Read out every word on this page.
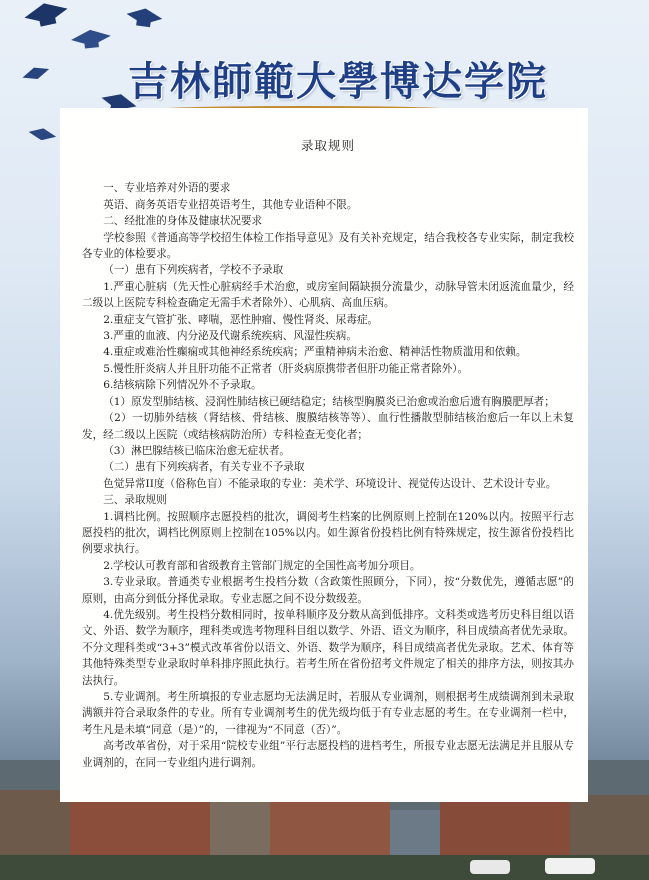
吉林師範大學博达学院
录取规则

一、专业培养对外语的要求

英语、商务英语专业招英语考生，其他专业语种不限。

二、经批准的身体及健康状况要求

学校参照《普通高等学校招生体检工作指导意见》及有关补充规定，结合我校各专业实际，制定我校各专业的体检要求。

（一）患有下列疾病者，学校不予录取

1.严重心脏病（先天性心脏病经手术治愈，或房室间隔缺损分流量少，动脉导管未闭返流血量少，经二级以上医院专科检查确定无需手术者除外）、心肌病、高血压病。

2.重症支气管扩张、哮喘，恶性肿瘤、慢性肾炎、尿毒症。

3.严重的血液、内分泌及代谢系统疾病、风湿性疾病。

4.重症或难治性癫痫或其他神经系统疾病；严重精神病未治愈、精神活性物质滥用和依赖。

5.慢性肝炎病人并且肝功能不正常者（肝炎病原携带者但肝功能正常者除外）。

6.结核病除下列情况外不予录取。

（1）原发型肺结核、浸润性肺结核已硬结稳定；结核型胸膜炎已治愈或治愈后遗有胸膜肥厚者；

（2）一切肺外结核（肾结核、骨结核、腹膜结核等等）、血行性播散型肺结核治愈后一年以上未复发，经二级以上医院（或结核病防治所）专科检查无变化者；

（3）淋巴腺结核已临床治愈无症状者。

（二）患有下列疾病者，有关专业不予录取

色觉异常II度（俗称色盲）不能录取的专业：美术学、环境设计、视觉传达设计、艺术设计专业。

三、录取规则

1.调档比例。按照顺序志愿投档的批次，调阅考生档案的比例原则上控制在120%以内。按照平行志愿投档的批次，调档比例原则上控制在105%以内。如生源省份投档比例有特殊规定，按生源省份投档比例要求执行。

2.学校认可教育部和省级教育主管部门规定的全国性高考加分项目。

3.专业录取。普通类专业根据考生投档分数（含政策性照顾分，下同），按“分数优先，遵循志愿”的原则，由高分到低分择优录取。专业志愿之间不设分数级差。

4.优先级别。考生投档分数相同时，按单科顺序及分数从高到低排序。文科类或选考历史科目组以语文、外语、数学为顺序，理科类或选考物理科目组以数学、外语、语文为顺序，科目成绩高者优先录取。不分文理科类或“3+3”模式改革省份以语文、外语、数学为顺序，科目成绩高者优先录取。艺术、体育等其他特殊类型专业录取时单科排序照此执行。若考生所在省份招考文件规定了相关的排序方法，则按其办法执行。

5.专业调剂。考生所填报的专业志愿均无法满足时，若服从专业调剂，则根据考生成绩调剂到未录取满额并符合录取条件的专业。所有专业调剂考生的优先级均低于有专业志愿的考生。在专业调剂一栏中，考生凡是未填“同意（是）”的，一律视为“不同意（否）”。

高考改革省份，对于采用“院校专业组”平行志愿投档的进档考生，所报专业志愿无法满足并且服从专业调剂的，在同一专业组内进行调剂。
